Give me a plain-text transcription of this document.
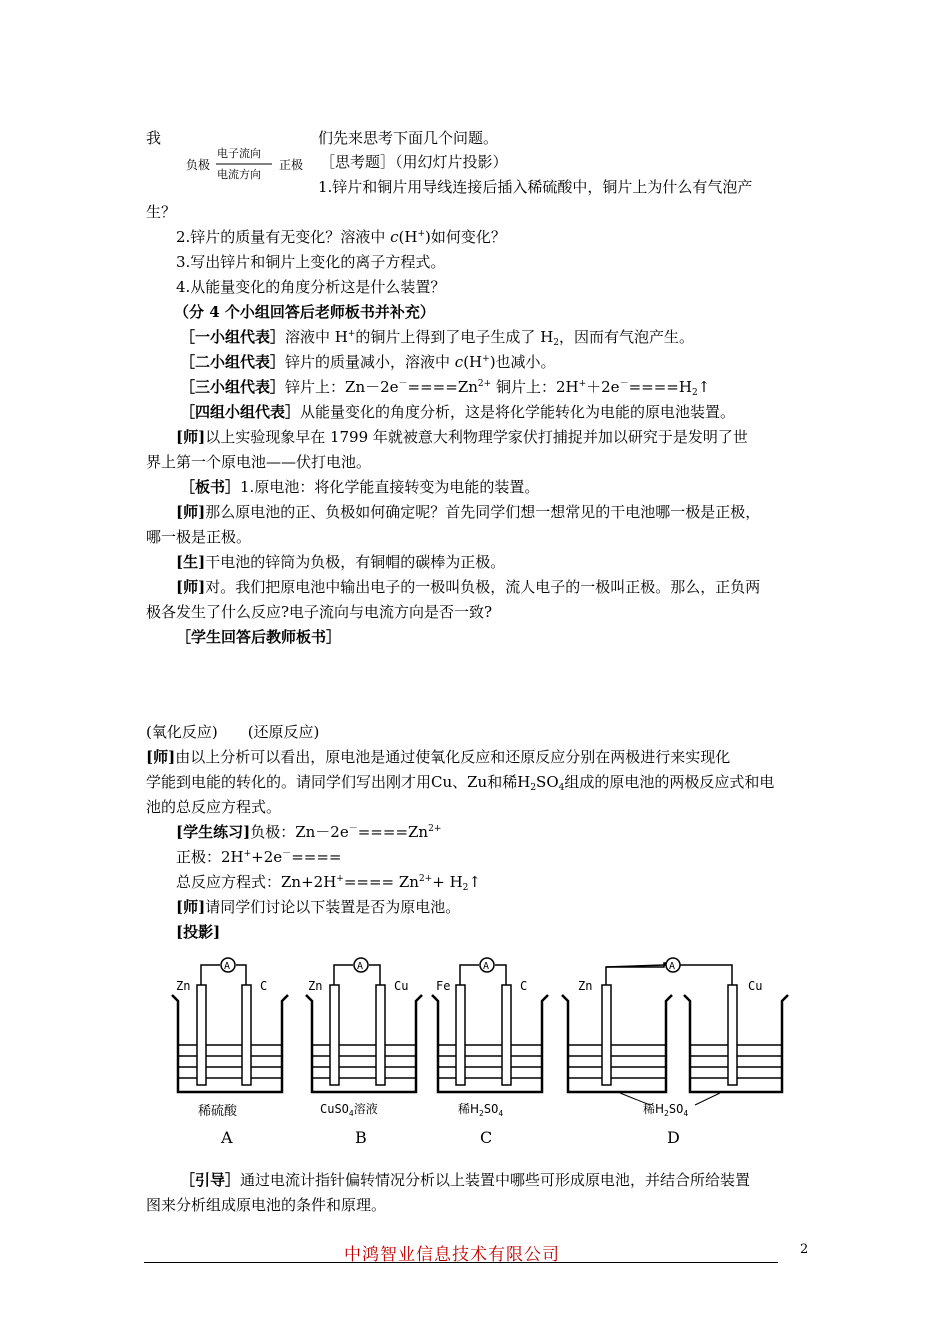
我	们先来思考下面几个问题。
负极
电子流向
电流方向
正极 ［思考题］（用幻灯片投影）
1.锌片和铜片用导线连接后插入稀硫酸中，铜片上为什么有气泡产
生？
2.锌片的质量有无变化？溶液中 c(H+)如何变化？
3.写出锌片和铜片上变化的离子方程式。
4.从能量变化的角度分析这是什么装置？
（分 4 个小组回答后老师板书并补充）
［一小组代表］溶液中 H+的铜片上得到了电子生成了 $H_2$，因而有气泡产生。
［二小组代表］锌片的质量减小，溶液中 c(H+)也减小。
［三小组代表］锌片上：$Zn-2e^-====Zn^{2+}$ 铜片上：$2H^++2e^-====H_2↑$
［四组小组代表］从能量变化的角度分析，这是将化学能转化为电能的原电池装置。
[师]以上实验现象早在 1799 年就被意大利物理学家伏打捕捉并加以研究于是发明了世
界上第一个原电池——伏打电池。
［板书］1.原电池：将化学能直接转变为电能的装置。
[师]那么原电池的正、负极如何确定呢？首先同学们想一想常见的干电池哪一极是正极，
哪一极是正极。
[生]干电池的锌筒为负极，有铜帽的碳棒为正极。
[师]对。我们把原电池中输出电子的一极叫负极，流人电子的一极叫正极。那么，正负两
极各发生了什么反应?电子流向与电流方向是否一致?
［学生回答后教师板书］
(氧化反应)　　(还原反应)
[师]由以上分析可以看出，原电池是通过使氧化反应和还原反应分别在两极进行来实现化
学能到电能的转化的。请同学们写出刚才用Cu、Zu和稀$H_2SO_4$组成的原电池的两极反应式和电
池的总反应方程式。
[学生练习]负极：$Zn-2e^-====Zn^{2+}$
正极：2H++2e－====
总反应方程式：$Zn+2H^+==== Zn^{2+}+$ $H_2↑$
[师]请同学们讨论以下装置是否为原电池。
[投影]
A
Zn	C
稀硫酸
A
A
Zn	Cu
CuSO$_4$溶液
B
A
Fe	C
稀$H_2SO_4$
C
A
Zn	Cu
稀$H_2SO_4$
D
［引导］通过电流计指针偏转情况分析以上装置中哪些可形成原电池，并结合所给装置
图来分析组成原电池的条件和原理。
中鸿智业信息技术有限公司	2
